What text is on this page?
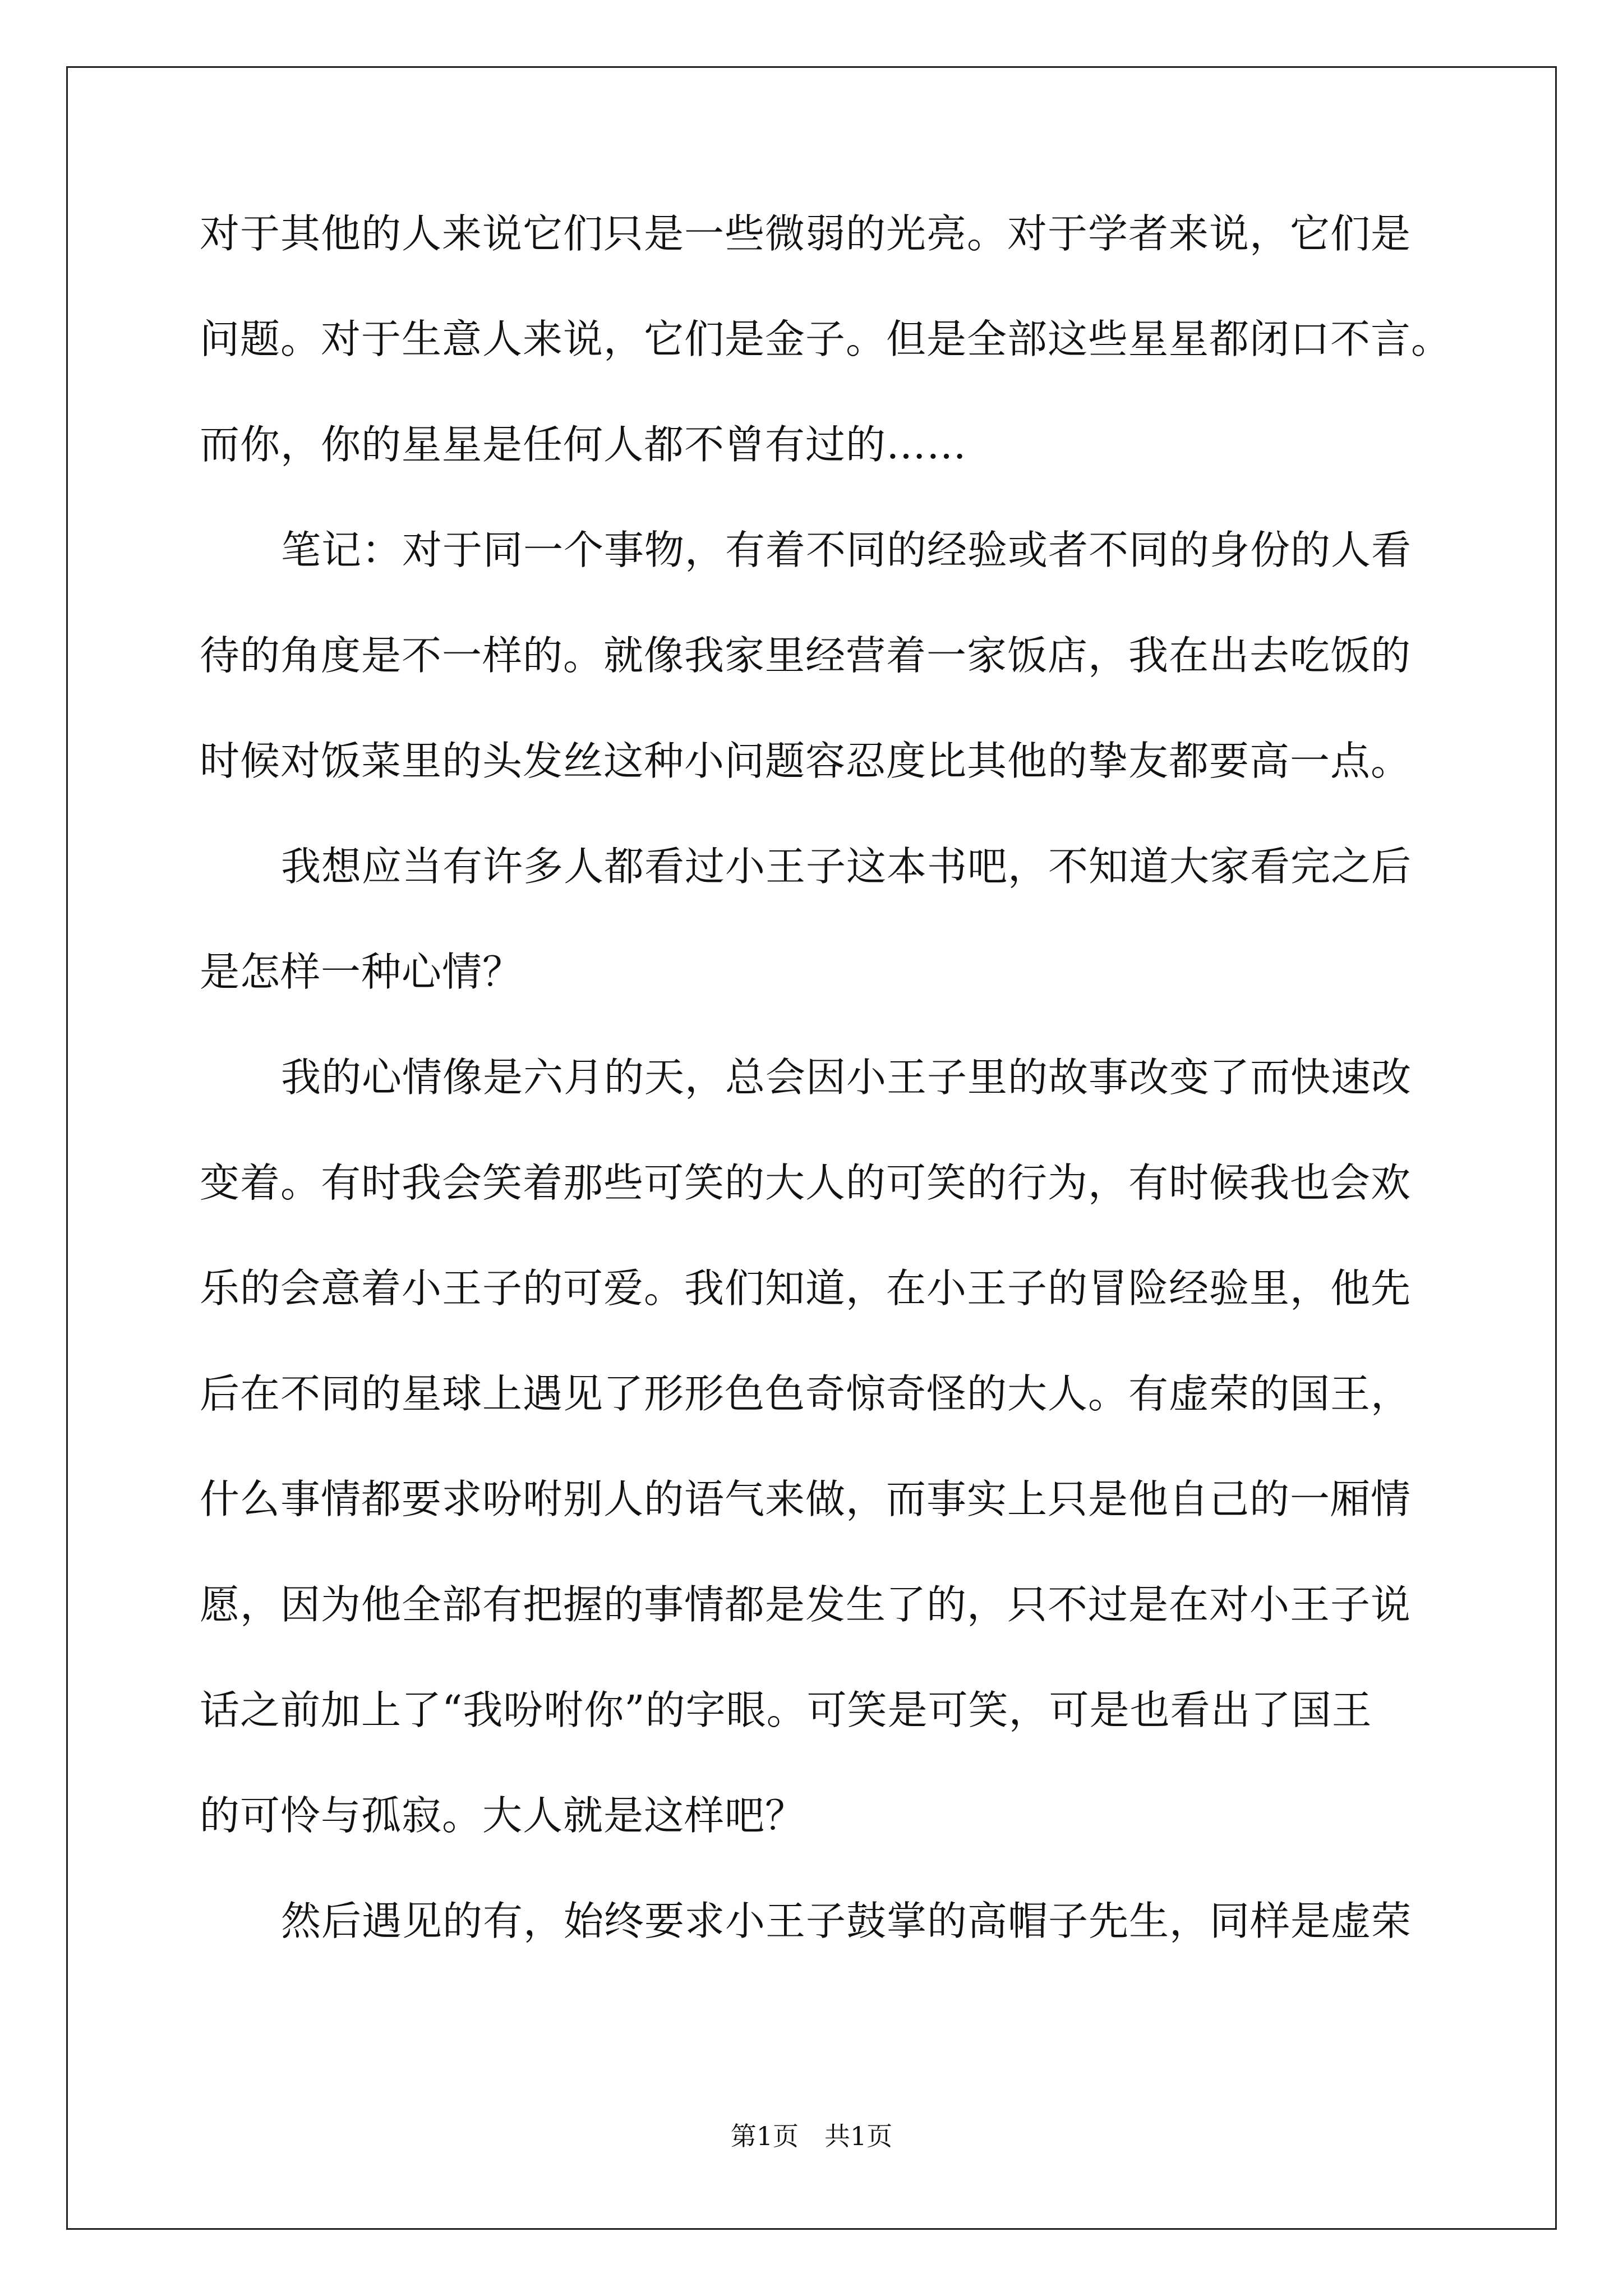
对于其他的人来说它们只是一些微弱的光亮。对于学者来说，它们是
问题。对于生意人来说，它们是金子。但是全部这些星星都闭口不言。
而你，你的星星是任何人都不曾有过的……
笔记：对于同一个事物，有着不同的经验或者不同的身份的人看
待的角度是不一样的。就像我家里经营着一家饭店，我在出去吃饭的
时候对饭菜里的头发丝这种小问题容忍度比其他的挚友都要高一点。
我想应当有许多人都看过小王子这本书吧，不知道大家看完之后
是怎样一种心情？
我的心情像是六月的天，总会因小王子里的故事改变了而快速改
变着。有时我会笑着那些可笑的大人的可笑的行为，有时候我也会欢
乐的会意着小王子的可爱。我们知道，在小王子的冒险经验里，他先
后在不同的星球上遇见了形形色色奇惊奇怪的大人。有虚荣的国王，
什么事情都要求吩咐别人的语气来做，而事实上只是他自己的一厢情
愿，因为他全部有把握的事情都是发生了的，只不过是在对小王子说
话之前加上了“我吩咐你”的字眼。可笑是可笑，可是也看出了国王
的可怜与孤寂。大人就是这样吧？
然后遇见的有，始终要求小王子鼓掌的高帽子先生，同样是虚荣
第1页 共1页
